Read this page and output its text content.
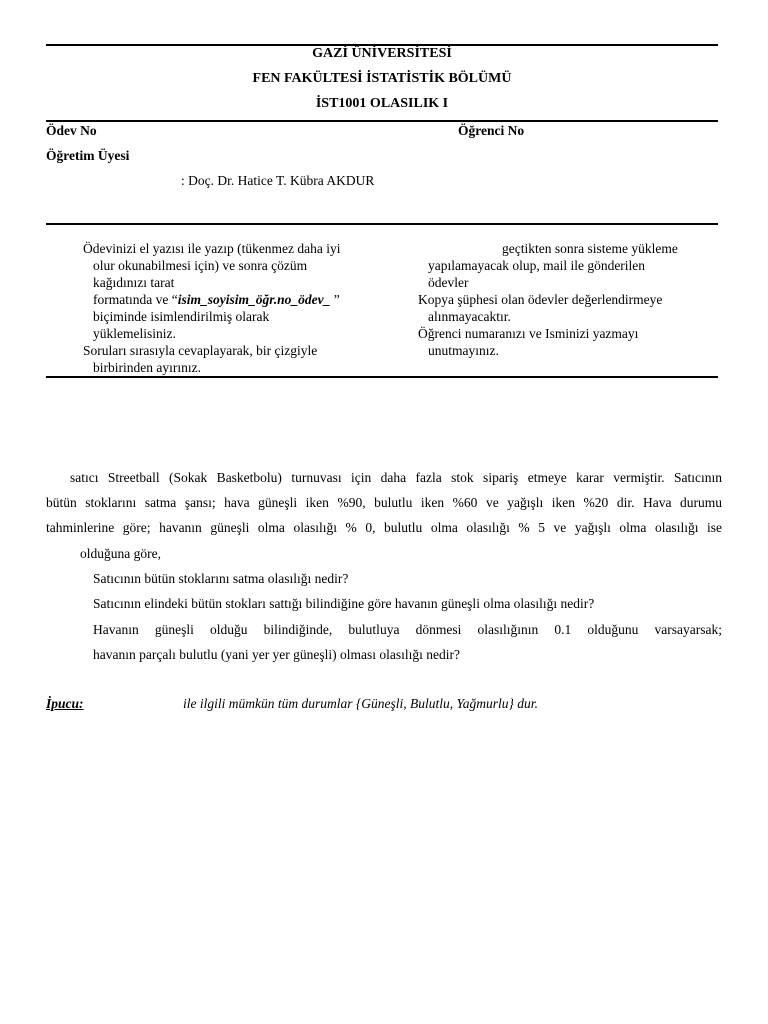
GAZİ ÜNİVERSİTESİ
FEN FAKÜLTESİ İSTATİSTİK BÖLÜMÜ
İST1001 OLASILIK I
Ödev No	Öğrenci No
Öğretim Üyesi
: Doç. Dr. Hatice T. Kübra AKDUR
Ödevinizi el yazısı ile yazıp (tükenmez daha iyi
olur okunabilmesi için) ve sonra çözüm
kağıdınızı tarat
formatında ve “isim_soyisim_öğr.no_ödev_ ”
biçiminde isimlendirilmiş olarak
yüklemelisiniz.
Soruları sırasıyla cevaplayarak, bir çizgiyle
birbirinden ayırınız.
geçtikten sonra sisteme yükleme
yapılamayacak olup, mail ile gönderilen
ödevler
Kopya şüphesi olan ödevler değerlendirmeye
alınmayacaktır.
Öğrenci numaranızı ve Isminizi yazmayı
unutmayınız.
satıcı Streetball (Sokak Basketbolu) turnuvası için daha fazla stok sipariş etmeye karar vermiştir. Satıcının
bütün stoklarını satma şansı; hava güneşli iken %90, bulutlu iken %60 ve yağışlı iken %20 dir. Hava durumu
tahminlerine göre; havanın güneşli olma olasılığı % 0, bulutlu olma olasılığı % 5 ve yağışlı olma olasılığı ise
olduğuna göre,
Satıcının bütün stoklarını satma olasılığı nedir?
Satıcının elindeki bütün stokları sattığı bilindiğine göre havanın güneşli olma olasılığı nedir?
Havanın güneşli olduğu bilindiğinde, bulutluya dönmesi olasılığının 0.1 olduğunu varsayarsak;
havanın parçalı bulutlu (yani yer yer güneşli) olması olasılığı nedir?
İpucu:	ile ilgili mümkün tüm durumlar {Güneşli, Bulutlu, Yağmurlu} dur.
